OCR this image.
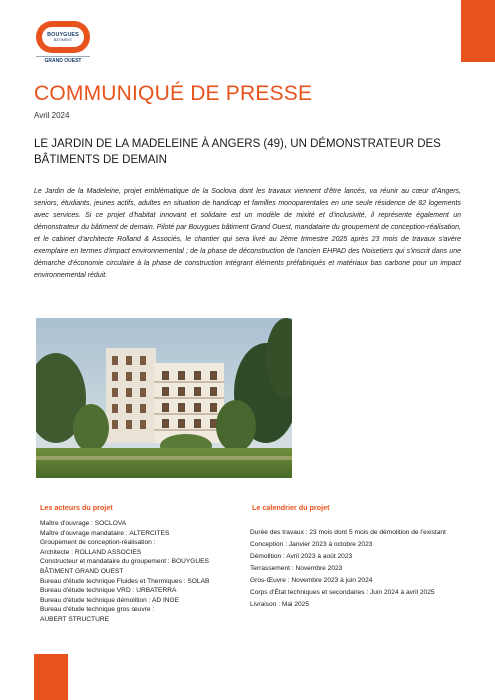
BOUYGUES
BÂTIMENT
GRAND OUEST
COMMUNIQUÉ DE PRESSE
Avril 2024
LE JARDIN DE LA MADELEINE À ANGERS (49), UN DÉMONSTRATEUR DES BÂTIMENTS DE DEMAIN

Le Jardin de la Madeleine, projet emblématique de la Soclova dont les travaux viennent d'être lancés, va réunir au cœur d'Angers, seniors, étudiants, jeunes actifs, adultes en situation de handicap et familles monoparentales en une seule résidence de 82 logements avec services. Si ce projet d'habitat innovant et solidaire est un modèle de mixité et d'inclusivité, il représente également un démonstrateur du bâtiment de demain. Piloté par Bouygues bâtiment Grand Ouest, mandataire du groupement de conception-réalisation, et le cabinet d'architecte Rolland & Associés, le chantier qui sera livré au 2ème trimestre 2025 après 23 mois de travaux s'avère exemplaire en termes d'impact environnemental ; de la phase de déconstruction de l'ancien EHPAD des Noisetiers qui s'inscrit dans une démarche d'économie circulaire à la phase de construction intégrant éléments préfabriqués et matériaux bas carbone pour un impact environnemental réduit.

Les acteurs du projet
Maître d'ouvrage : SOCLOVA
Maître d'ouvrage mandataire : ALTERCITES
Groupement de conception-réalisation :
Architecte : ROLLAND ASSOCIES
Constructeur et mandataire du groupement : BOUYGUES
BÂTIMENT GRAND OUEST
Bureau d'étude technique Fluides et Thermiques : SOLAB
Bureau d'étude technique VRD : URBATERRA
Bureau d'étude technique démolition : AD INGE
Bureau d'étude technique gros œuvre :
AUBERT STRUCTURE
Le calendrier du projet
Durée des travaux : 23 mois dont 5 mois de démolition de l'existant
Conception : Janvier 2023 à octobre 2023
Démolition : Avril 2023 à août 2023
Terrassement : Novembre 2023
Gros-Œuvre : Novembre 2023 à juin 2024
Corps d'État techniques et secondaires : Juin 2024 à avril 2025
Livraison : Mai 2025
